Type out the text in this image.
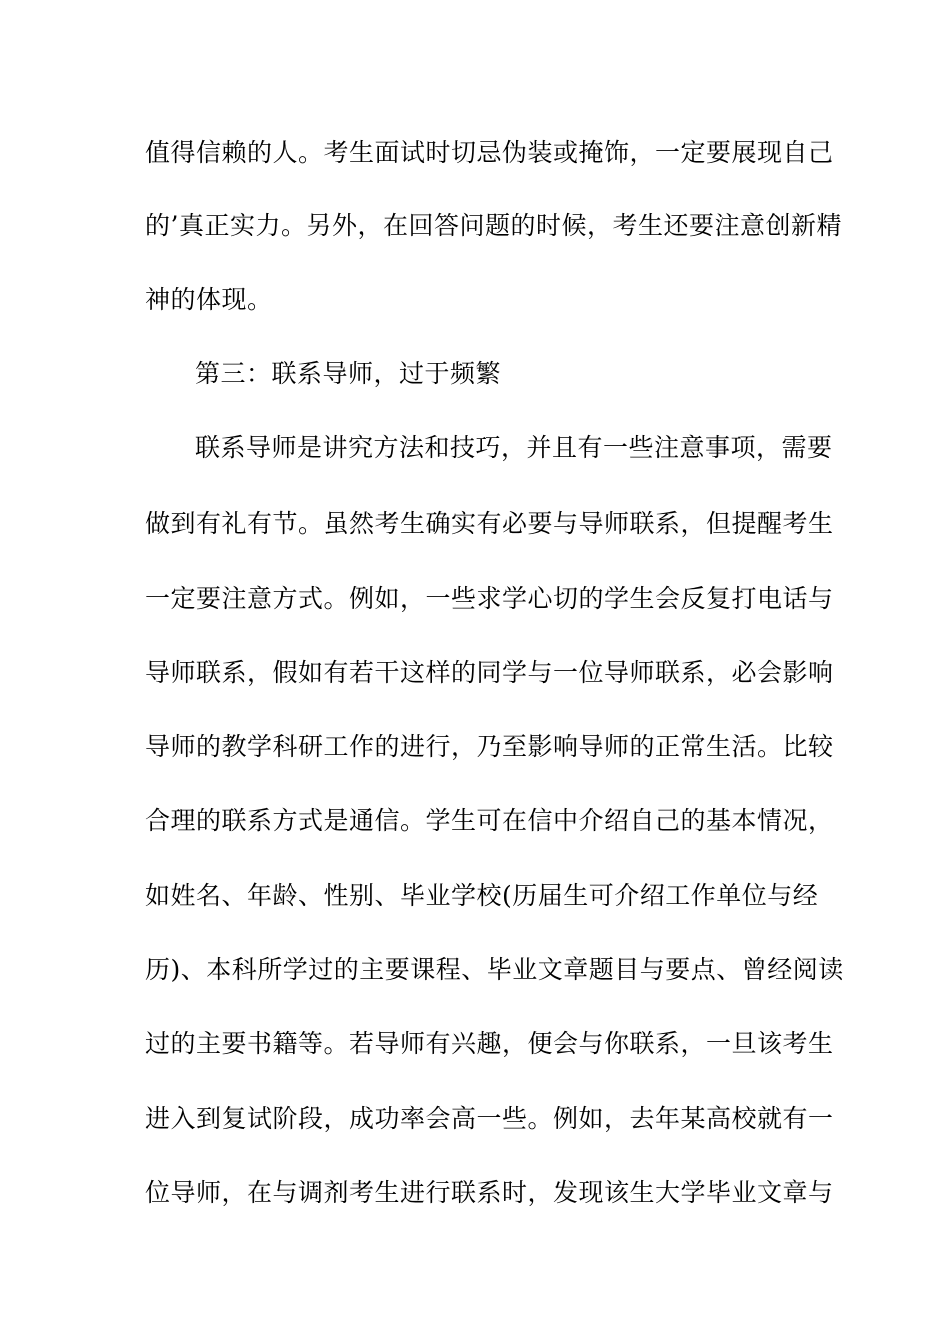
值得信赖的人。考生面试时切忌伪装或掩饰，一定要展现自己
的’真正实力。另外，在回答问题的时候，考生还要注意创新精
神的体现。
第三：联系导师，过于频繁
联系导师是讲究方法和技巧，并且有一些注意事项，需要
做到有礼有节。虽然考生确实有必要与导师联系，但提醒考生
一定要注意方式。例如，一些求学心切的学生会反复打电话与
导师联系，假如有若干这样的同学与一位导师联系，必会影响
导师的教学科研工作的进行，乃至影响导师的正常生活。比较
合理的联系方式是通信。学生可在信中介绍自己的基本情况，
如姓名、年龄、性别、毕业学校(历届生可介绍工作单位与经
历)、本科所学过的主要课程、毕业文章题目与要点、曾经阅读
过的主要书籍等。若导师有兴趣，便会与你联系，一旦该考生
进入到复试阶段，成功率会高一些。例如，去年某高校就有一
位导师，在与调剂考生进行联系时，发现该生大学毕业文章与
